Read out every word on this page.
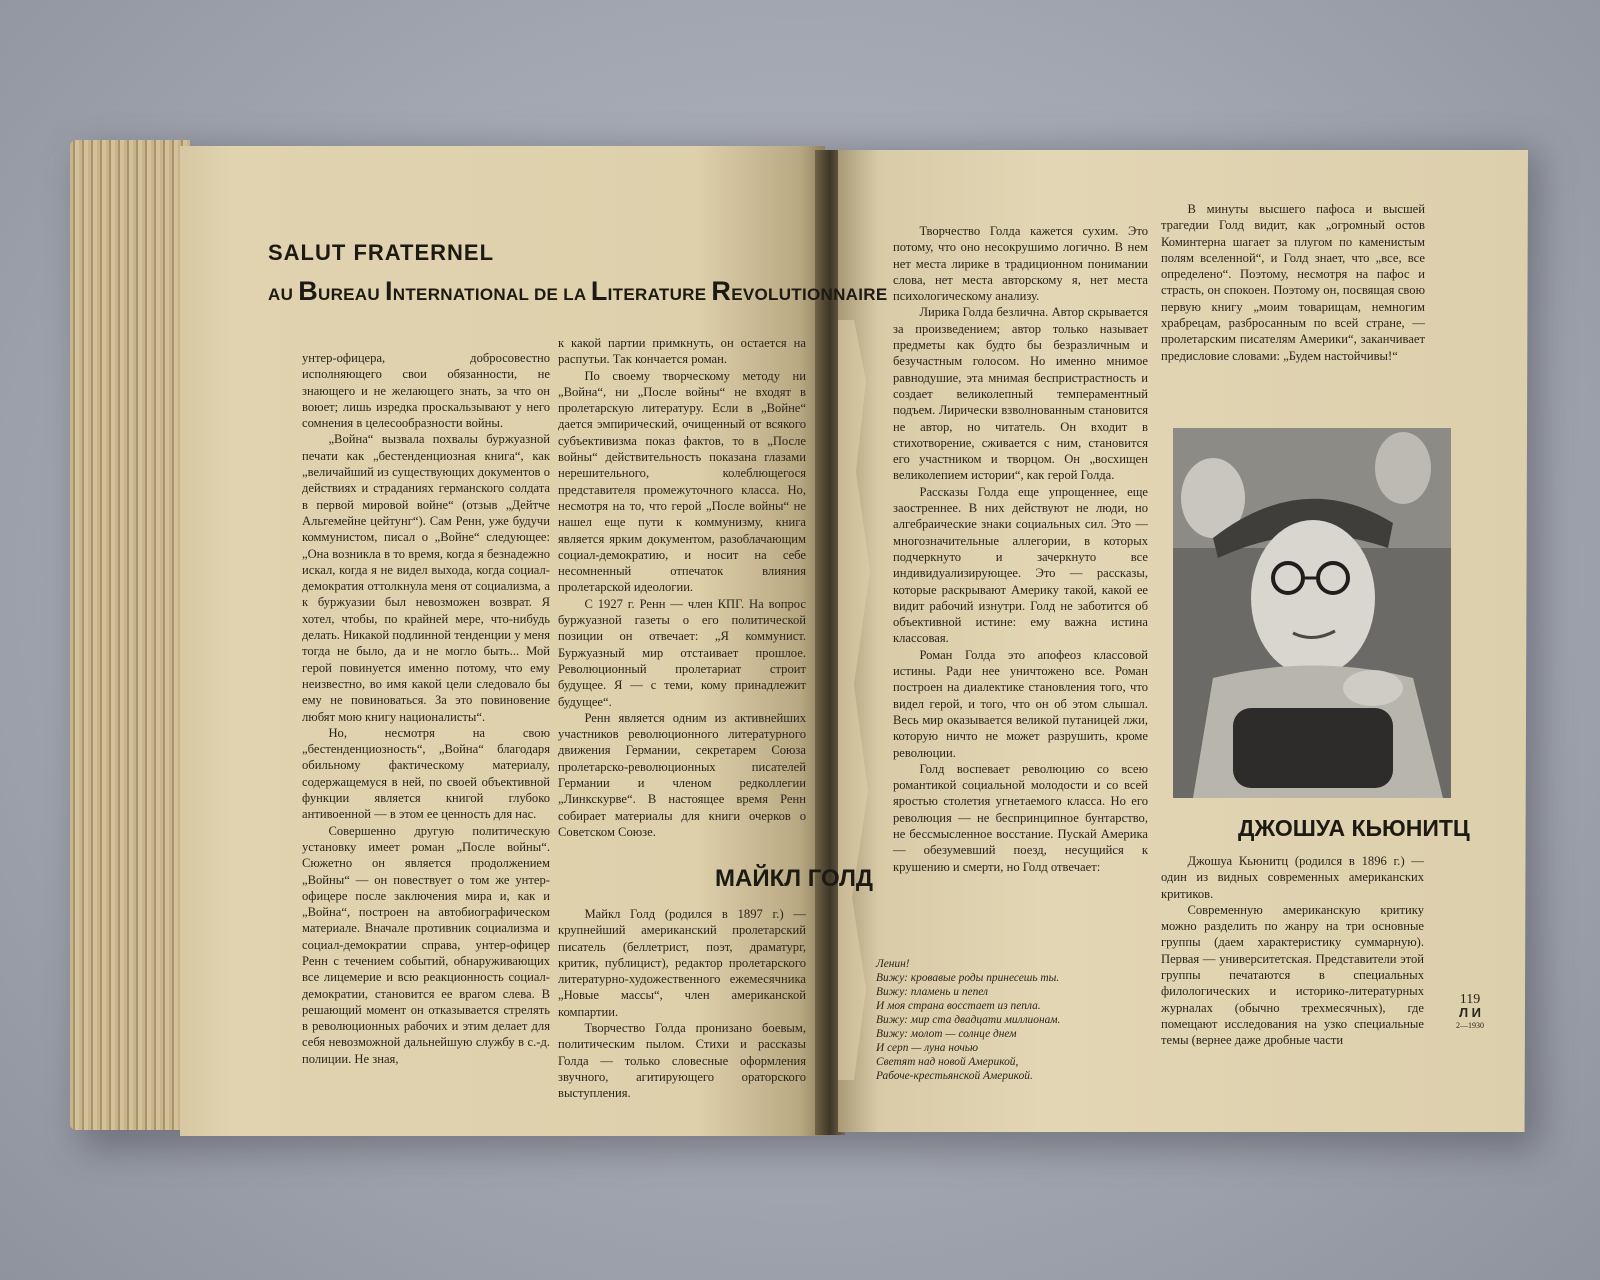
SALUT FRATERNEL
AU BUREAU INTERNATIONAL DE LA LITERATURE REVOLUTIONNAIRE

унтер-офицера, добросовестно исполняющего свои обязанности, не знающего и не желающего знать, за что он воюет; лишь изредка проскальзывают у него сомнения в целесообразности войны.

„Война“ вызвала похвалы буржуазной печати как „бестенденциозная книга“, как „величайший из существующих документов о действиях и страданиях германского солдата в первой мировой войне“ (отзыв „Дейтче Альгемейне цейтунг“). Сам Ренн, уже будучи коммунистом, писал о „Войне“ следующее: „Она возникла в то время, когда я безнадежно искал, когда я не видел выхода, когда социал-демократия оттолкнула меня от социализма, а к буржуазии был невозможен возврат. Я хотел, чтобы, по крайней мере, что-нибудь делать. Никакой подлинной тенденции у меня тогда не было, да и не могло быть... Мой герой повинуется именно потому, что ему неизвестно, во имя какой цели следовало бы ему не повиноваться. За это повиновение любят мою книгу националисты“.

Но, несмотря на свою „бестенденциозность“, „Война“ благодаря обильному фактическому материалу, содержащемуся в ней, по своей объективной функции является книгой глубоко антивоенной — в этом ее ценность для нас.

Совершенно другую политическую установку имеет роман „После войны“. Сюжетно он является продолжением „Войны“ — он повествует о том же унтер-офицере после заключения мира и, как и „Война“, построен на автобиографическом материале. Вначале противник социализма и социал-демократии справа, унтер-офицер Ренн с течением событий, обнаруживающих все лицемерие и всю реакционность социал-демократии, становится ее врагом слева. В решающий момент он отказывается стрелять в революционных рабочих и этим делает для себя невозможной дальнейшую службу в с.-д. полиции. Не зная,

к какой партии примкнуть, он остается на распутьи. Так кончается роман.

По своему творческому методу ни „Война“, ни „После войны“ не входят в пролетарскую литературу. Если в „Войне“ дается эмпирический, очищенный от всякого субъективизма показ фактов, то в „После войны“ действительность показана глазами нерешительного, колеблющегося представителя промежуточного класса. Но, несмотря на то, что герой „После войны“ не нашел еще пути к коммунизму, книга является ярким документом, разоблачающим социал-демократию, и носит на себе несомненный отпечаток влияния пролетарской идеологии.

С 1927 г. Ренн — член КПГ. На вопрос буржуазной газеты о его политической позиции он отвечает: „Я коммунист. Буржуазный мир отстаивает прошлое. Революционный пролетариат строит будущее. Я — с теми, кому принадлежит будущее“.

Ренн является одним из активнейших участников революционного литературного движения Германии, секретарем Союза пролетарско-революционных писателей Германии и членом редколлегии „Линкскурве“. В настоящее время Ренн собирает материалы для книги очерков о Советском Союзе.

МАЙКЛ ГОЛД

Майкл Голд (родился в 1897 г.) — крупнейший американский пролетарский писатель (беллетрист, поэт, драматург, критик, публицист), редактор пролетарского литературно-художественного ежемесячника „Новые массы“, член американской компартии.

Творчество Голда пронизано боевым, политическим пылом. Стихи и рассказы Голда — только словесные оформления звучного, агитирующего ораторского выступления.

Творчество Голда кажется сухим. Это потому, что оно несокрушимо логично. В нем нет места лирике в традиционном понимании слова, нет места авторскому я, нет места психологическому анализу.

Лирика Голда безлична. Автор скрывается за произведением; автор только называет предметы как будто бы безразличным и безучастным голосом. Но именно мнимое равнодушие, эта мнимая беспристрастность и создает великолепный темпераментный подъем. Лирически взволнованным становится не автор, но читатель. Он входит в стихотворение, сживается с ним, становится его участником и творцом. Он „восхищен великолепием истории“, как герой Голда.

Рассказы Голда еще упрощеннее, еще заостреннее. В них действуют не люди, но алгебраические знаки социальных сил. Это — многозначительные аллегории, в которых подчеркнуто и зачеркнуто все индивидуализирующее. Это — рассказы, которые раскрывают Америку такой, какой ее видит рабочий изнутри. Голд не заботится об объективной истине: ему важна истина классовая.

Роман Голда это апофеоз классовой истины. Ради нее уничтожено все. Роман построен на диалектике становления того, что видел герой, и того, что он об этом слышал. Весь мир оказывается великой путаницей лжи, которую ничто не может разрушить, кроме революции.

Голд воспевает революцию со всею романтикой социальной молодости и со всей яростью столетия угнетаемого класса. Но его революция — не беспринципное бунтарство, не бессмысленное восстание. Пускай Америка — обезумевший поезд, несущийся к крушению и смерти, но Голд отвечает:

Ленин!

Вижу: кровавые роды принесешь ты.

Вижу: пламень и пепел

И моя страна восстает из пепла.

Вижу: мир ста двадцати миллионам.

Вижу: молот — солнце днем

И серп — луна ночью

Светят над новой Америкой,

Рабоче-крестьянской Америкой.

В минуты высшего пафоса и высшей трагедии Голд видит, как „огромный остов Коминтерна шагает за плугом по каменистым полям вселенной“, и Голд знает, что „все, все определено“. Поэтому, несмотря на пафос и страсть, он спокоен. Поэтому он, посвящая свою первую книгу „моим товарищам, немногим храбрецам, разбросанным по всей стране, — пролетарским писателям Америки“, заканчивает предисловие словами: „Будем настойчивы!“

ДЖОШУА КЬЮНИТЦ

Джошуа Кьюнитц (родился в 1896 г.) — один из видных современных американских критиков.

Современную американскую критику можно разделить по жанру на три основные группы (даем характеристику суммарную). Первая — университетская. Представители этой группы печатаются в специальных филологических и историко-литературных журналах (обычно трехмесячных), где помещают исследования на узко специальные темы (вернее даже дробные части

119
Л И
2—1930
